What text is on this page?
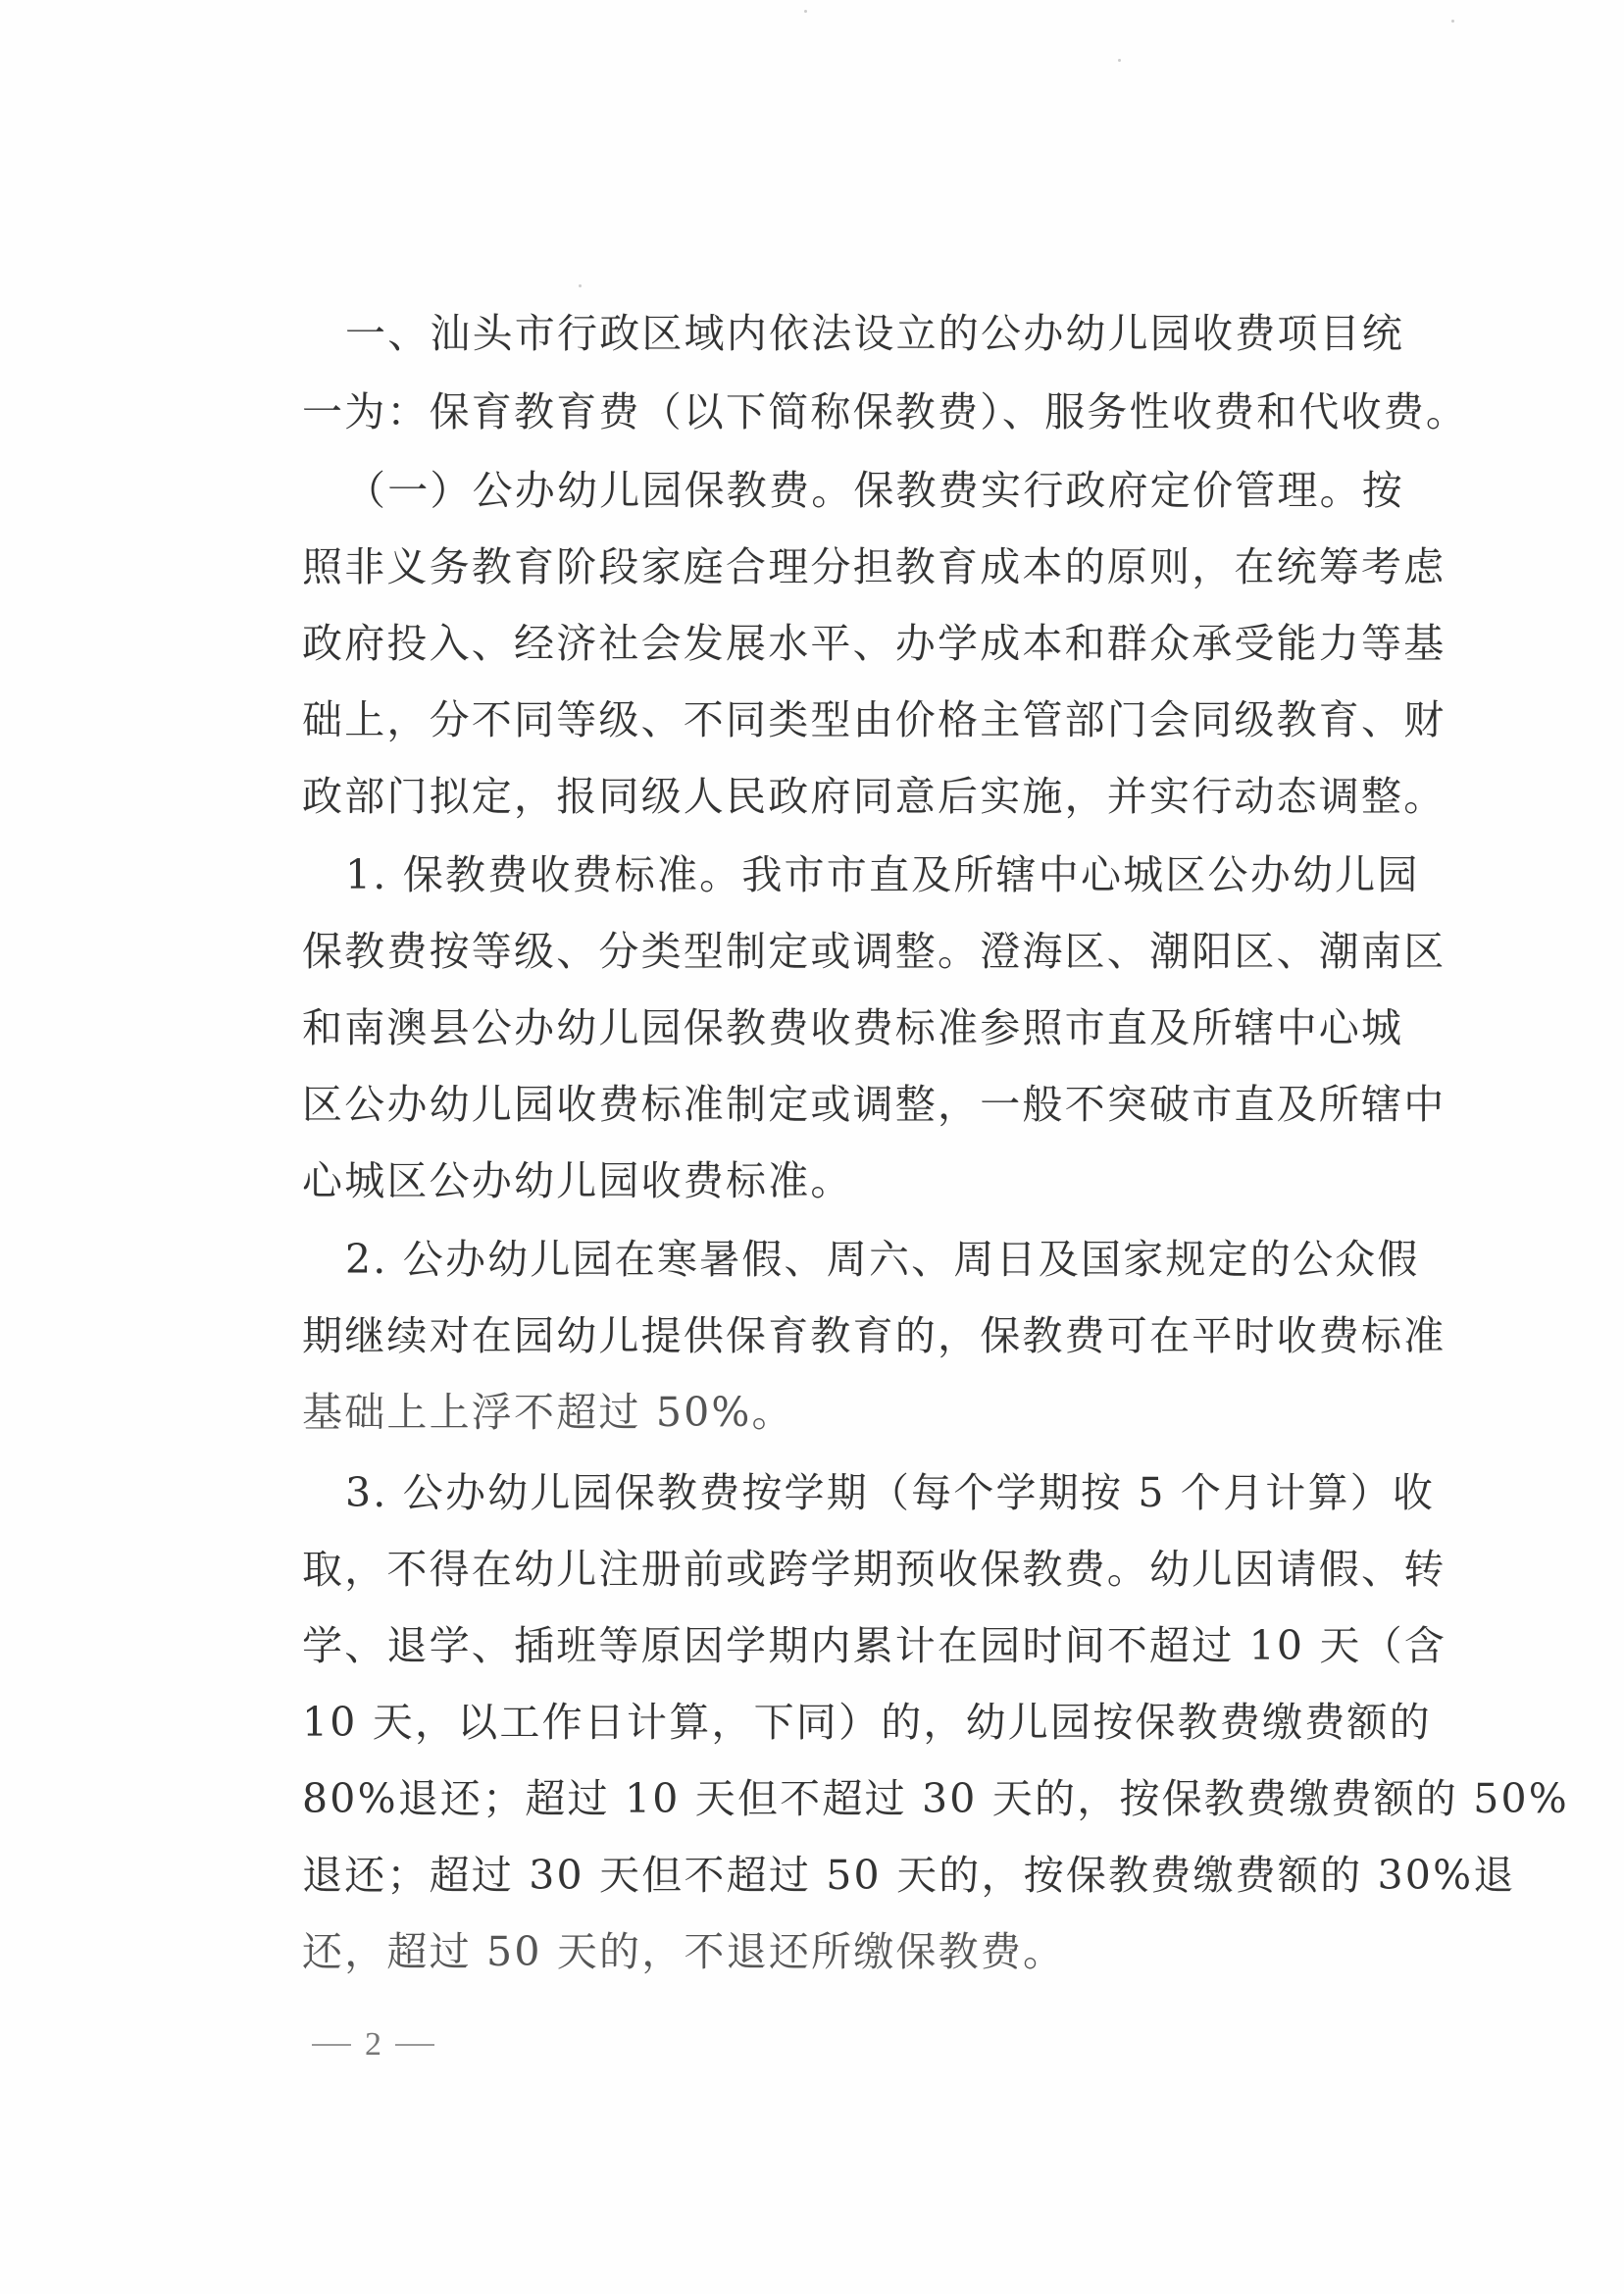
一、汕头市行政区域内依法设立的公办幼儿园收费项目统
一为：保育教育费（以下简称保教费）、服务性收费和代收费。
（一）公办幼儿园保教费。保教费实行政府定价管理。按
照非义务教育阶段家庭合理分担教育成本的原则，在统筹考虑
政府投入、经济社会发展水平、办学成本和群众承受能力等基
础上，分不同等级、不同类型由价格主管部门会同级教育、财
政部门拟定，报同级人民政府同意后实施，并实行动态调整。
1. 保教费收费标准。我市市直及所辖中心城区公办幼儿园
保教费按等级、分类型制定或调整。澄海区、潮阳区、潮南区
和南澳县公办幼儿园保教费收费标准参照市直及所辖中心城
区公办幼儿园收费标准制定或调整，一般不突破市直及所辖中
心城区公办幼儿园收费标准。
2. 公办幼儿园在寒暑假、周六、周日及国家规定的公众假
期继续对在园幼儿提供保育教育的，保教费可在平时收费标准
基础上上浮不超过 50%。
3. 公办幼儿园保教费按学期（每个学期按 5 个月计算）收
取，不得在幼儿注册前或跨学期预收保教费。幼儿因请假、转
学、退学、插班等原因学期内累计在园时间不超过 10 天（含
10 天，以工作日计算，下同）的，幼儿园按保教费缴费额的
80%退还；超过 10 天但不超过 30 天的，按保教费缴费额的 50%
退还；超过 30 天但不超过 50 天的，按保教费缴费额的 30%退
还，超过 50 天的，不退还所缴保教费。
2
